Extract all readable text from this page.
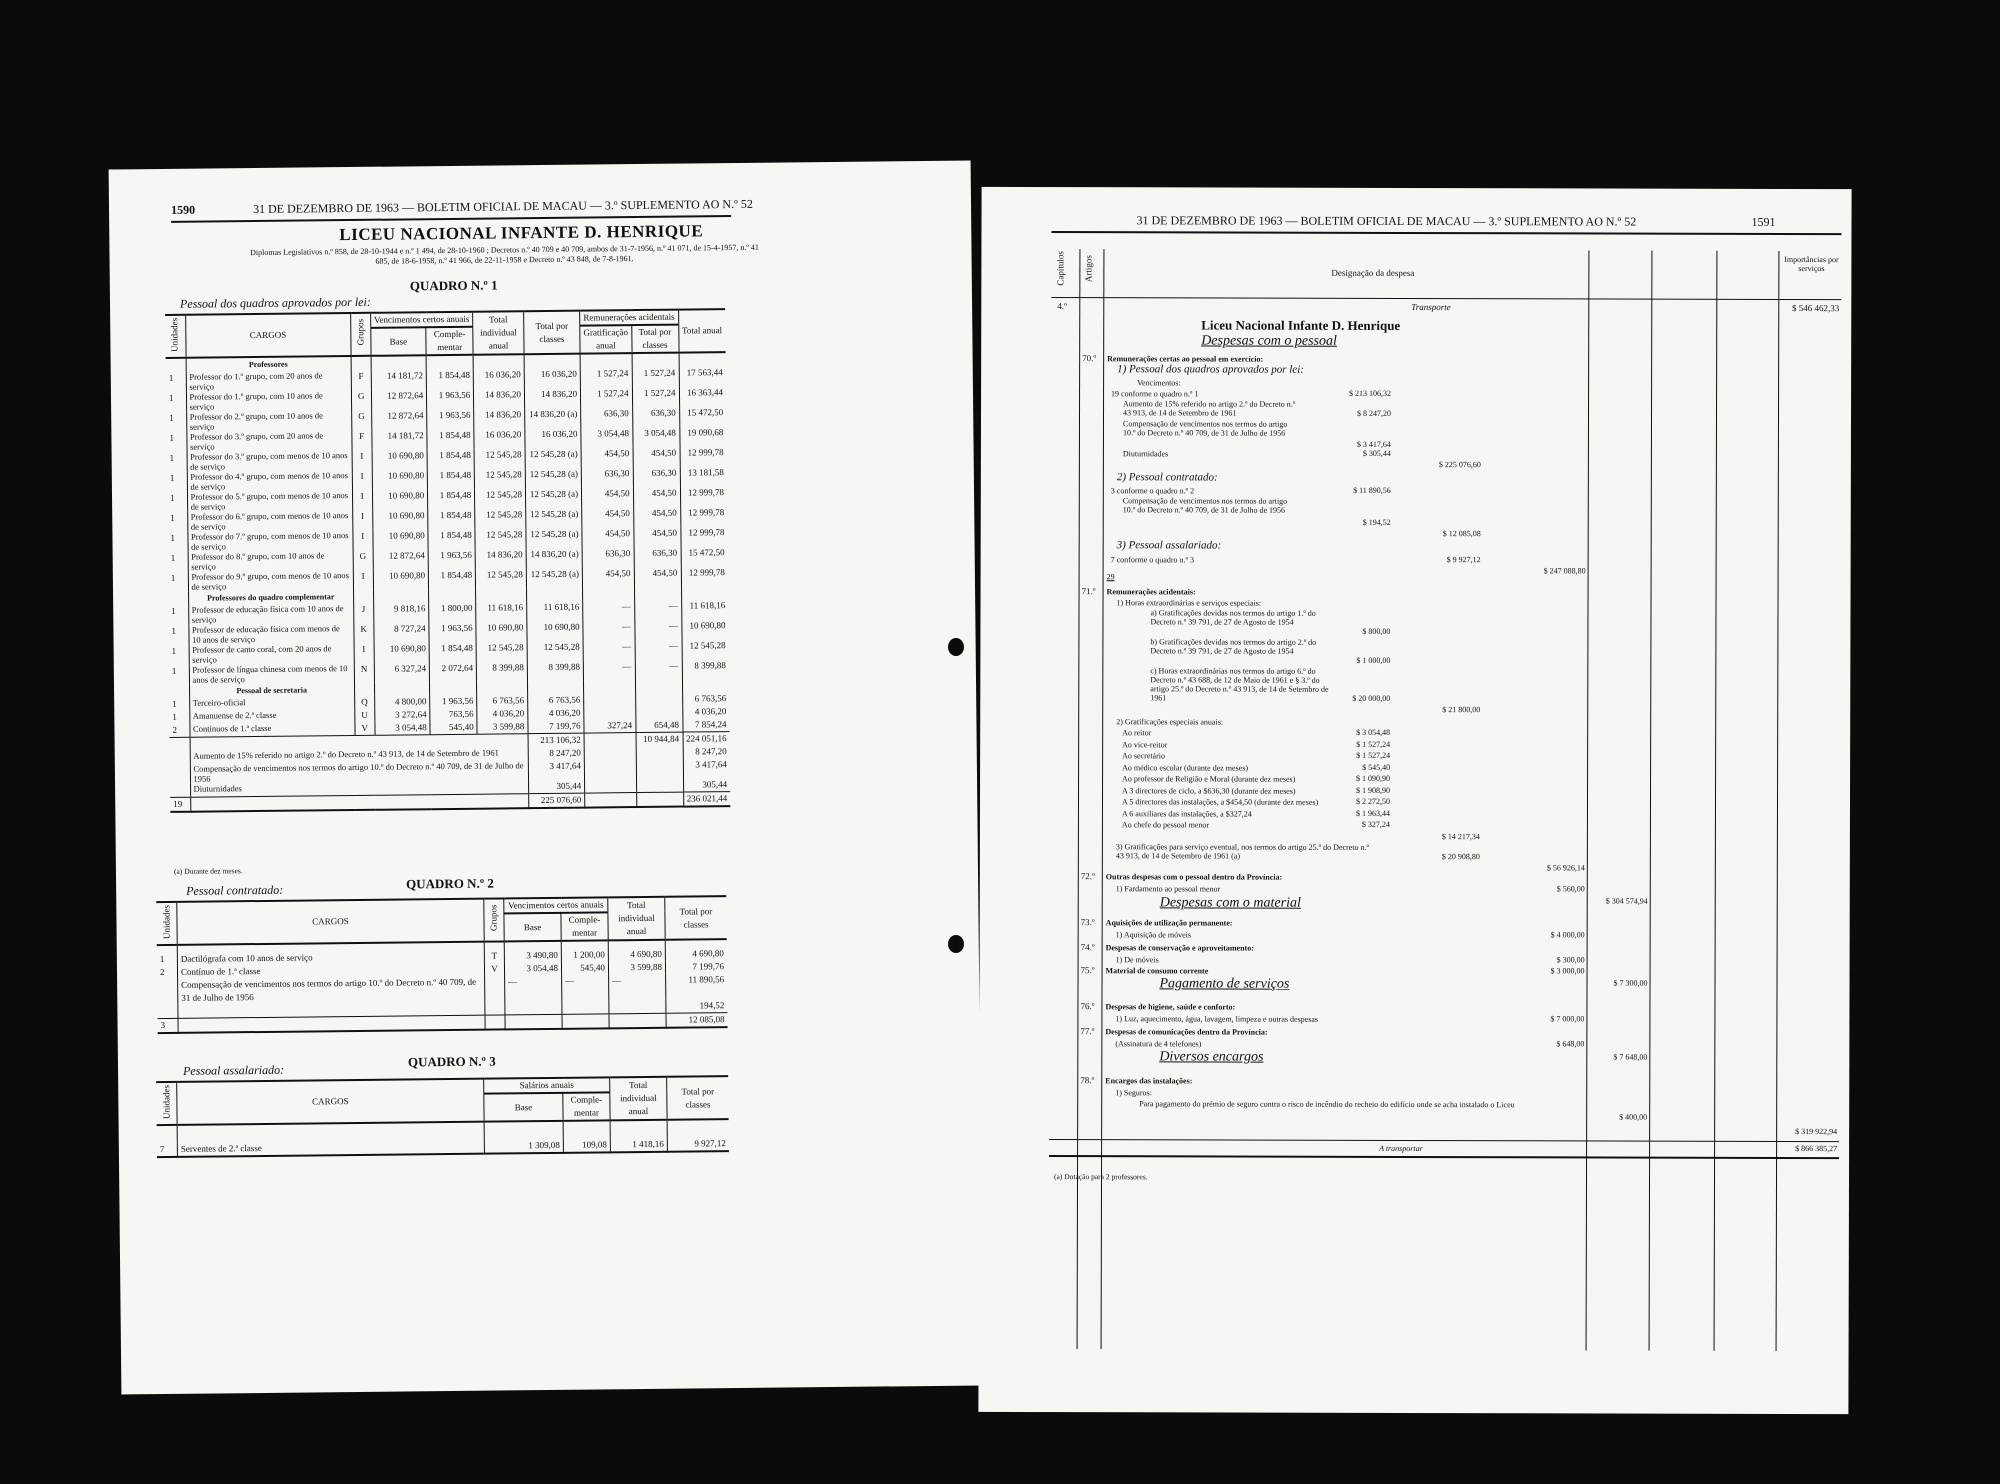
1590	31 DE DEZEMBRO DE 1963 — BOLETIM OFICIAL DE MACAU — 3.º SUPLEMENTO AO N.º 52
LICEU NACIONAL INFANTE D. HENRIQUE
Diplomas Legislativos n.º 858, de 28-10-1944 e n.º 1 494, de 28-10-1960 ; Decretos n.º 40 709 e 40 709, ambos de 31-7-1956, n.º 41 071, de 15-4-1957, n.º 41 685, de 18-6-1958, n.º 41 966, de 22-11-1958 e Decreto n.º 43 848, de 7-8-1961.
QUADRO N.º 1
Pessoal dos quadros aprovados por lei:
Unidades	CARGOS	Grupos	Vencimentos certos anuais		Total individual anual	Total por classes	Remunerações acidentais		Total anual
			Base	Comple-mentar			Gratificação anual	Total por classes	
	Professores								
1	Professor do 1.º grupo, com 20 anos de serviço	F	14 181,72	1 854,48	16 036,20	16 036,20	1 527,24	1 527,24	17 563,44
1	Professor do 1.º grupo, com 10 anos de serviço	G	12 872,64	1 963,56	14 836,20	14 836,20	1 527,24	1 527,24	16 363,44
1	Professor do 2.º grupo, com 10 anos de serviço	G	12 872,64	1 963,56	14 836,20	14 836,20 (a)	636,30	636,30	15 472,50
1	Professor do 3.º grupo, com 20 anos de serviço	F	14 181,72	1 854,48	16 036,20	16 036,20	3 054,48	3 054,48	19 090,68
1	Professor do 3.º grupo, com menos de 10 anos de serviço	I	10 690,80	1 854,48	12 545,28	12 545,28 (a)	454,50	454,50	12 999,78
1	Professor do 4.º grupo, com menos de 10 anos de serviço	I	10 690,80	1 854,48	12 545,28	12 545,28 (a)	636,30	636,30	13 181,58
1	Professor do 5.º grupo, com menos de 10 anos de serviço	I	10 690,80	1 854,48	12 545,28	12 545,28 (a)	454,50	454,50	12 999,78
1	Professor do 6.º grupo, com menos de 10 anos de serviço	I	10 690,80	1 854,48	12 545,28	12 545,28 (a)	454,50	454,50	12 999,78
1	Professor do 7.º grupo, com menos de 10 anos de serviço	I	10 690,80	1 854,48	12 545,28	12 545,28 (a)	454,50	454,50	12 999,78
1	Professor do 8.º grupo, com 10 anos de serviço	G	12 872,64	1 963,56	14 836,20	14 836,20 (a)	636,30	636,30	15 472,50
1	Professor do 9.º grupo, com menos de 10 anos de serviço	I	10 690,80	1 854,48	12 545,28	12 545,28 (a)	454,50	454,50	12 999,78
	Professores do quadro complementar								
1	Professor de educação física com 10 anos de serviço	J	9 818,16	1 800,00	11 618,16	11 618,16	—	—	11 618,16
1	Professor de educação física com menos de 10 anos de serviço	K	8 727,24	1 963,56	10 690,80	10 690,80	—	—	10 690,80
1	Professor de canto coral, com 20 anos de serviço	I	10 690,80	1 854,48	12 545,28	12 545,28	—	—	12 545,28
1	Professor de língua chinesa com menos de 10 anos de serviço	N	6 327,24	2 072,64	8 399,88	8 399,88	—	—	8 399,88
	Pessoal de secretaria								
1	Terceiro-oficial	Q	4 800,00	1 963,56	6 763,56	6 763,56			6 763,56
1	Amanuense de 2.ª classe	U	3 272,64	763,56	4 036,20	4 036,20			4 036,20
2	Contínuos de 1.ª classe	V	3 054,48	545,40	3 599,88	7 199,76	327,24	654,48	7 854,24
						213 106,32		10 944,84	224 051,16
	Aumento de 15% referido no artigo 2.º do Decreto n.º 43 913, de 14 de Setembro de 1961					8 247,20			8 247,20
	Compensação de vencimentos nos termos do artigo 10.º do Decreto n.º 40 709, de 31 de Julho de 1956					3 417,64			3 417,64
	Diuturnidades					305,44			305,44
19						225 076,60			236 021,44
(a) Durante dez meses.
Pessoal contratado:	QUADRO N.º 2
Unidades	CARGOS	Grupos	Vencimentos certos anuais		Total individual anual	Total por classes
			Base	Comple-mentar		

1	Dactilógrafa com 10 anos de serviço	T	3 490,80	1 200,00	4 690,80	4 690,80
2	Contínuo de 1.ª classe	V	3 054,48	545,40	3 599,88	7 199,76
	Compensação de vencimentos nos termos do artigo 10.º do Decreto n.º 40 709, de 31 de Julho de 1956		—	—	—	11 890,56
						194,52
3						12 085,08
Pessoal assalariado:
QUADRO N.º 3
Unidades	CARGOS	Salários anuais		Total individual anual	Total por classes
		Base	Comple-mentar		

7	Serventes de 2.ª classe	1 309,08	109,08	1 418,16	9 927,12
31 DE DEZEMBRO DE 1963 — BOLETIM OFICIAL DE MACAU — 3.º SUPLEMENTO AO N.º 52	1591
Capítulos Artigos	Designação da despesa
Importâncias por serviços
4.º	Transporte	$ 546 462,33
Liceu Nacional Infante D. Henrique
Despesas com o pessoal
70.º Remunerações certas ao pessoal em exercício:
1) Pessoal dos quadros aprovados por lei:
Vencimentos:
19 conforme o quadro n.º 1	$ 213 106,32
Aumento de 15% referido no artigo 2.º do Decreto n.º 43 913, de 14 de Setembro de 1961	$ 8 247,20
Compensação de vencimentos nos termos do artigo 10.º do Decreto n.º 40 709, de 31 de Julho de 1956
$ 3 417,64
Diuturnidades	$ 305,44
$ 225 076,60
2) Pessoal contratado:
3 conforme o quadro n.º 2	$ 11 890,56
Compensação de vencimentos nos termos do artigo 10.º do Decreto n.º 40 709, de 31 de Julho de 1956
$ 194,52
$ 12 085,08
3) Pessoal assalariado:
7 conforme o quadro n.º 3	$ 9 927,12
$ 247 088,80
29
71.º Remunerações acidentais:
1) Horas extraordinárias e serviços especiais:
a) Gratificações devidas nos termos do artigo 1.º do Decreto n.º 39 791, de 27 de Agosto de 1954
$ 800,00
b) Gratificações devidas nos termos do artigo 2.º do Decreto n.º 39 791, de 27 de Agosto de 1954
$ 1 000,00
c) Horas extraordinárias nos termos do artigo 6.º do Decreto n.º 43 688, de 12 de Maio de 1961 e § 3.º do artigo 25.º do Decreto n.º 43 913, de 14 de Setembro de 1961	$ 20 000,00
$ 21 800,00
2) Gratificações especiais anuais:
Ao reitor	$ 3 054,48
Ao vice-reitor	$ 1 527,24
Ao secretário	$ 1 527,24
Ao médico escolar (durante dez meses)	$ 545,40
Ao professor de Religião e Moral (durante dez meses)	$ 1 090,90
A 3 directores de ciclo, a $636,30 (durante dez meses)	$ 1 908,90
A 5 directores das instalações, a $454,50 (durante dez meses)	$ 2 272,50
A 6 auxiliares das instalações, a $327,24	$ 1 963,44
Ao chefe do pessoal menor	$ 327,24
$ 14 217,34
3) Gratificações para serviço eventual, nos termos do artigo 25.º do Decreto n.º 43 913, de 14 de Setembro de 1961 (a)	$ 20 908,80
$ 56 926,14
72.º Outras despesas com o pessoal dentro da Província:
1) Fardamento ao pessoal menor	$ 560,00
$ 304 574,94
Despesas com o material
73.º Aquisições de utilização permanente:
1) Aquisição de móveis	$ 4 000,00
74.º Despesas de conservação e aproveitamento:
1) De móveis	$ 300,00
75.º Material de consumo corrente	$ 3 000,00
$ 7 300,00
Pagamento de serviços
76.º Despesas de higiene, saúde e conforto:
1) Luz, aquecimento, água, lavagem, limpeza e outras despesas	$ 7 000,00
77.º Despesas de comunicações dentro da Província:
(Assinatura de 4 telefones)	$ 648,00
$ 7 648,00
Diversos encargos
78.º Encargos das instalações:
1) Seguros:
Para pagamento do prémio de seguro contra o risco de incêndio do recheio do edifício onde se acha instalado o Liceu
$ 400,00
$ 319 922,94
A transportar	$ 866 385,27
(a) Dotação para 2 professores.
